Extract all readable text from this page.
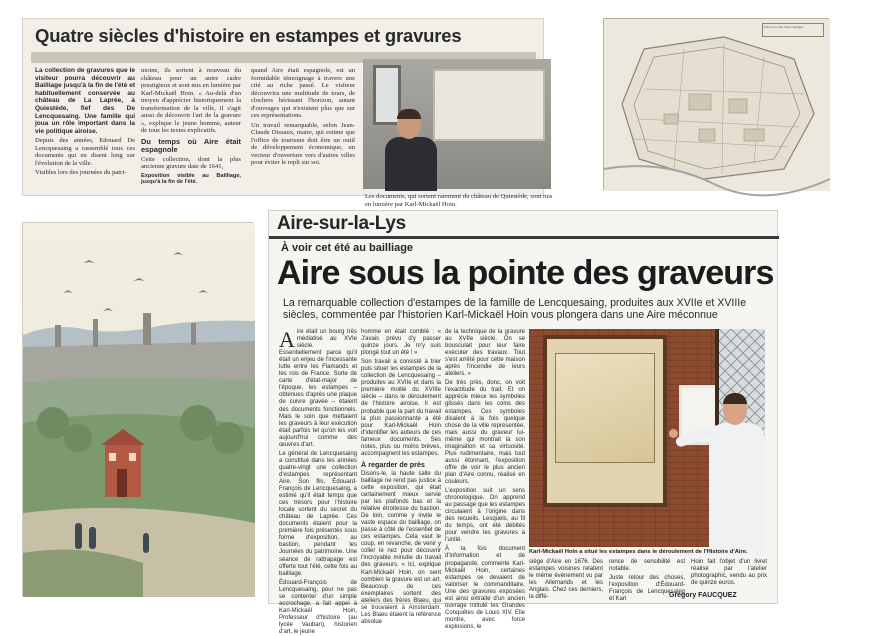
Quatre siècles d'histoire en estampes et gravures

La collection de gravures que le visiteur pourra découvrir au Bailliage jusqu'à la fin de l'été et habituellement conservée au château de La Laprée, à Quiestède, fief des De Lencquesaing. Une famille qui joua un rôle important dans la vie politique airoise.

Depuis des années, Edouard De Lencquesaing a rassemblé tous ces documents qui en disent long sur l'évolution de la ville.

Visibles lors des journées du patri-

moine, ils sortent à nouveau du château pour un autre cadre prestigieux et sont mis en lumière par Karl-Mickaël Hoin. « Au-delà d'un moyen d'apprécier historiquement la transformation de la ville, il s'agit aussi de découvrir l'art de la gravure », explique le jeune homme, auteur de tous les textes explicatifs.

Du temps où Aire était espagnole

Cette collection, dont la plus ancienne gravure date de 1641,

Exposition visible au Bailliage, jusqu'à la fin de l'été.

quand Aire était espagnole, est un formidable témoignage à travers une cité au riche passé. Le visiteur découvrira une multitude de tours, de clochers hérissant l'horizon, autant d'ouvrages qui n'existent plus que sur ces représentations.

Un travail remarquable, selon Jean-Claude Dissaux, maire, qui estime que l'office de tourisme doit être un outil de développement économique, un vecteur d'ouverture vers d'autres villes pour éviter le repli sur soi.

Les documents, qui sortent rarement du château de Quiestède, sont mis en lumière par Karl-Mickaël Hoin.
Plan de la ville d'Aire assiégée
Aire-sur-la-Lys
À voir cet été au bailliage
Aire sous la pointe des graveurs
La remarquable collection d'estampes de la famille de Lencquesaing, produites aux XVIIe et XVIIIe siècles, commentée par l'historien Karl-Mickaël Hoin vous plongera dans une Aire méconnue

Aire était un bourg très médiatisé au XVIe siècle. Essentiellement parce qu'il était un enjeu de l'incessante lutte entre les Flamands et les rois de France. Sorte de carte d'état-major de l'époque, les estampes – obtenues d'après une plaque de cuivre gravée – étaient des documents fonctionnels. Mais le soin que mettaient les graveurs à leur exécution était parfois tel qu'on les voit aujourd'hui comme des œuvres d'art.

Le général de Lencquesaing a constitué dans les années quatre-vingt une collection d'estampes représentant Aire. Son fils, Édouard-François de Lencquesaing, a estimé qu'il était temps que ces trésors pour l'histoire locale sortent du secret du château de Laprée. Ces documents étaient pour la première fois présentés sous forme d'exposition, au bastion, pendant les Journées du patrimoine. Une séance de rattrapage est offerte tout l'été, cette fois au bailliage.

Édouard-François de Lencquesaing, pour ne pas se contenter d'un simple accrochage, a fait appel à Karl-Mickaël Hoin, Professeur d'histoire (au lycée Vauban), historien d'art, le jeune

homme en était comblé : « J'avais prévu d'y passer quinze jours. Je m'y suis plongé tout un été ! »

Son travail a consisté à trier puis situer les estampes de la collection de Lencquesaing – produites au XVIIe et dans la première moitié du XVIIIe siècle – dans le déroulement de l'histoire airoise. Il est probable que la part du travail la plus passionnante a été pour Karl-Mickaël Hoin d'identifier les auteurs de ces fameux documents. Ses notes, plus ou moins brèves, accompagnent les estampes.

À regarder de près

Disons-le, la haute salle du bailliage ne rend pas justice à cette exposition, qui était certainement mieux servie par les plafonds bas et la relative étroitesse du bastion. De loin, comme y invite le vaste espace du bailliage, on passe à côté de l'essentiel de ces estampes. Cela vaut le coup, en revanche, de venir y coller le nez pour découvrir l'incroyable minutie du travail des graveurs. « Ici, explique Karl-Mickaël Hoin, on sent combien la gravure est un art. Beaucoup de ces exemplaires sortent des ateliers des frères Blaeu, qui se trouvaient à Amsterdam. Les Blaeu étaient la référence absolue

de la technique de la gravure au XVIIe siècle. On se bousculait pour leur faire exécuter des travaux. Tout s'est arrêté pour cette maison après l'incendie de leurs ateliers. »

De très près, donc, on voit l'exactitude du trait. Et on apprécie mieux les symboles glissés dans les coins des estampes. Ces symboles disaient à la fois quelque chose de la ville représentée, mais aussi du graveur lui-même qui montrait là son imagination et sa virtuosité. Plus rudimentaire, mais tout aussi étonnant, l'exposition offre de voir le plus ancien plan d'Aire connu, réalisé en couleurs.

L'exposition suit un sens chronologique. On apprend au passage que les estampes circulaient à l'origine dans des recueils. Lesquels, au fil du temps, ont été débités pour vendre les gravures à l'unité.

À la fois document d'information et de propagande, commente Karl-Mickaël Hoin, certaines estampes se devaient de valoriser le commanditaire. Une des gravures exposées est ainsi extraite d'un ancien ouvrage intitulé les Grandes Conquêtes de Louis XIV. Elle montre, avec force explosions, le

Karl-Mickaël Hoin a situé les estampes dans le déroulement de l'Histoire d'Aire.

siège d'Aire en 1676. Des estampes voisines relatent le même événement vu par les Allemands et les Anglais. Chez ces derniers, la diffé-

rence de sensibilité est notable.

Juste retour des choses, l'exposition d'Édouard-François de Lencquesaing et Karl

Hoin fait l'objet d'un livret réalisé par l'atelier photographic, vendu au prix de quinze euros.

Grégory FAUCQUEZ
